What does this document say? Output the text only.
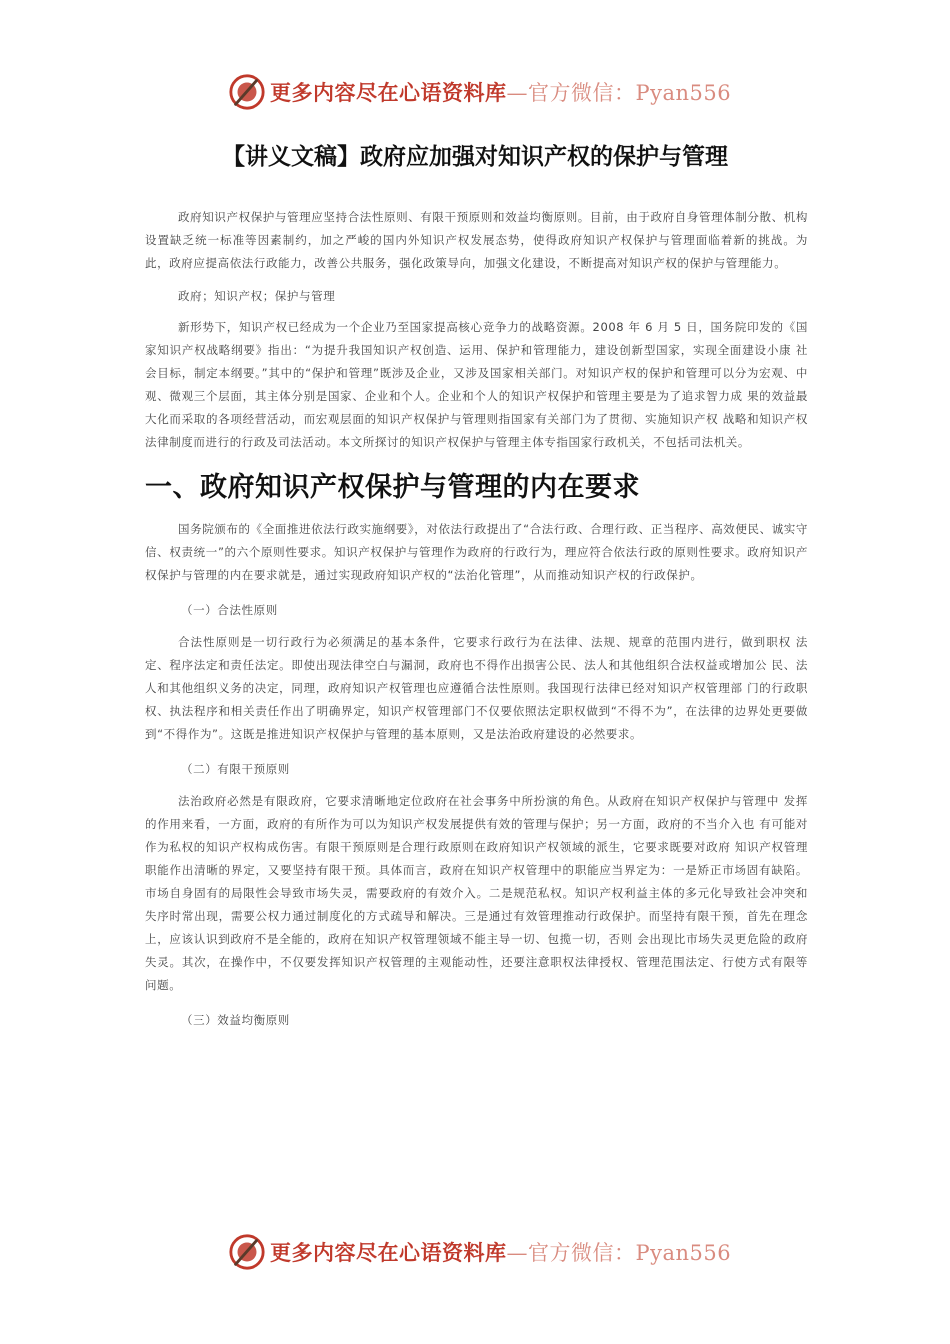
更多内容尽在心语资料库—官方微信：Pyan556
【讲义文稿】政府应加强对知识产权的保护与管理

政府知识产权保护与管理应坚持合法性原则、有限干预原则和效益均衡原则。目前，由于政府自身管理体制分散、机构设置缺乏统一标准等因素制约，加之严峻的国内外知识产权发展态势，使得政府知识产权保护与管理面临着新的挑战。为此，政府应提高依法行政能力，改善公共服务，强化政策导向，加强文化建设，不断提高对知识产权的保护与管理能力。

政府；知识产权；保护与管理

新形势下，知识产权已经成为一个企业乃至国家提高核心竞争力的战略资源。2008 年 6 月 5 日，国务院印发的《国家知识产权战略纲要》指出：“为提升我国知识产权创造、运用、保护和管理能力，建设创新型国家，实现全面建设小康 社会目标，制定本纲要。”其中的“保护和管理”既涉及企业，又涉及国家相关部门。对知识产权的保护和管理可以分为宏观、中观、微观三个层面，其主体分别是国家、企业和个人。企业和个人的知识产权保护和管理主要是为了追求智力成 果的效益最大化而采取的各项经营活动，而宏观层面的知识产权保护与管理则指国家有关部门为了贯彻、实施知识产权 战略和知识产权法律制度而进行的行政及司法活动。本文所探讨的知识产权保护与管理主体专指国家行政机关，不包括司法机关。

一、政府知识产权保护与管理的内在要求

国务院颁布的《全面推进依法行政实施纲要》，对依法行政提出了“合法行政、合理行政、正当程序、高效便民、诚实守信、权责统一”的六个原则性要求。知识产权保护与管理作为政府的行政行为，理应符合依法行政的原则性要求。政府知识产权保护与管理的内在要求就是，通过实现政府知识产权的“法治化管理”，从而推动知识产权的行政保护。

（一）合法性原则

合法性原则是一切行政行为必须满足的基本条件，它要求行政行为在法律、法规、规章的范围内进行，做到职权 法定、程序法定和责任法定。即使出现法律空白与漏洞，政府也不得作出损害公民、法人和其他组织合法权益或增加公 民、法人和其他组织义务的决定，同理，政府知识产权管理也应遵循合法性原则。我国现行法律已经对知识产权管理部 门的行政职权、执法程序和相关责任作出了明确界定，知识产权管理部门不仅要依照法定职权做到“不得不为”，在法律的边界处更要做到“不得作为”。这既是推进知识产权保护与管理的基本原则，又是法治政府建设的必然要求。

（二）有限干预原则

法治政府必然是有限政府，它要求清晰地定位政府在社会事务中所扮演的角色。从政府在知识产权保护与管理中 发挥的作用来看，一方面，政府的有所作为可以为知识产权发展提供有效的管理与保护；另一方面，政府的不当介入也 有可能对作为私权的知识产权构成伤害。有限干预原则是合理行政原则在政府知识产权领域的派生，它要求既要对政府 知识产权管理职能作出清晰的界定，又要坚持有限干预。具体而言，政府在知识产权管理中的职能应当界定为：一是矫正市场固有缺陷。市场自身固有的局限性会导致市场失灵，需要政府的有效介入。二是规范私权。知识产权利益主体的多元化导致社会冲突和失序时常出现，需要公权力通过制度化的方式疏导和解决。三是通过有效管理推动行政保护。而坚持有限干预，首先在理念上，应该认识到政府不是全能的，政府在知识产权管理领域不能主导一切、包揽一切，否则 会出现比市场失灵更危险的政府失灵。其次，在操作中，不仅要发挥知识产权管理的主观能动性，还要注意职权法律授权、管理范围法定、行使方式有限等问题。

（三）效益均衡原则
更多内容尽在心语资料库—官方微信：Pyan556
